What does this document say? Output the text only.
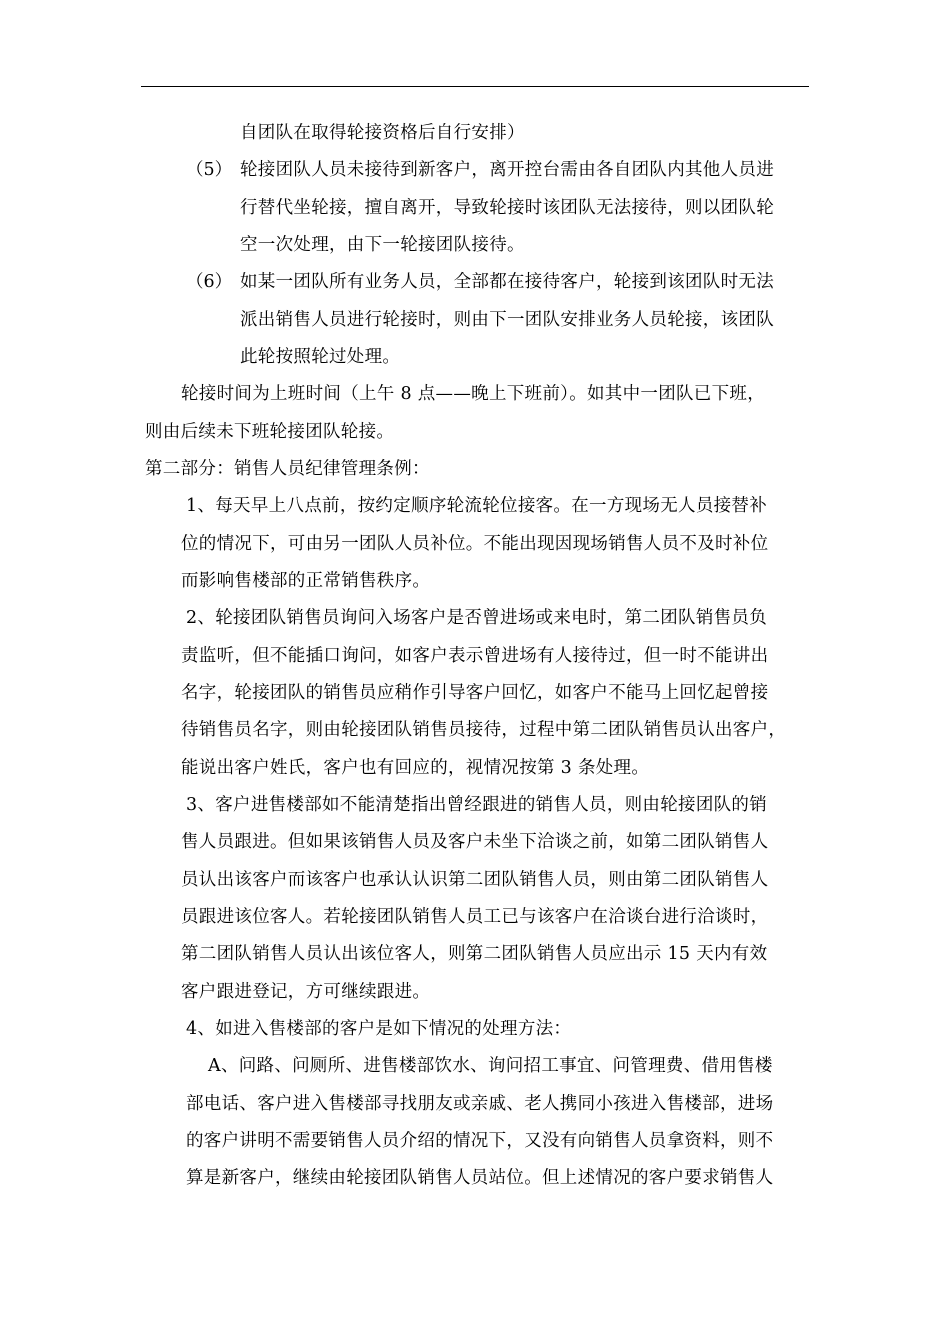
自团队在取得轮接资格后自行安排）
（5） 轮接团队人员未接待到新客户，离开控台需由各自团队内其他人员进
行替代坐轮接，擅自离开，导致轮接时该团队无法接待，则以团队轮
空一次处理，由下一轮接团队接待。
（6） 如某一团队所有业务人员，全部都在接待客户，轮接到该团队时无法
派出销售人员进行轮接时，则由下一团队安排业务人员轮接，该团队
此轮按照轮过处理。
轮接时间为上班时间（上午 8 点——晚上下班前）。如其中一团队已下班，
则由后续未下班轮接团队轮接。
第二部分：销售人员纪律管理条例：
1、每天早上八点前，按约定顺序轮流轮位接客。在一方现场无人员接替补
位的情况下，可由另一团队人员补位。不能出现因现场销售人员不及时补位
而影响售楼部的正常销售秩序。
2、轮接团队销售员询问入场客户是否曾进场或来电时，第二团队销售员负
责监听，但不能插口询问，如客户表示曾进场有人接待过，但一时不能讲出
名字，轮接团队的销售员应稍作引导客户回忆，如客户不能马上回忆起曾接
待销售员名字，则由轮接团队销售员接待，过程中第二团队销售员认出客户，
能说出客户姓氏，客户也有回应的，视情况按第 3 条处理。
3、客户进售楼部如不能清楚指出曾经跟进的销售人员，则由轮接团队的销
售人员跟进。但如果该销售人员及客户未坐下洽谈之前，如第二团队销售人
员认出该客户而该客户也承认认识第二团队销售人员，则由第二团队销售人
员跟进该位客人。若轮接团队销售人员工已与该客户在洽谈台进行洽谈时，
第二团队销售人员认出该位客人，则第二团队销售人员应出示 15 天内有效
客户跟进登记，方可继续跟进。
4、如进入售楼部的客户是如下情况的处理方法：
A、问路、问厕所、进售楼部饮水、询问招工事宜、问管理费、借用售楼
部电话、客户进入售楼部寻找朋友或亲戚、老人携同小孩进入售楼部，进场
的客户讲明不需要销售人员介绍的情况下，又没有向销售人员拿资料，则不
算是新客户，继续由轮接团队销售人员站位。但上述情况的客户要求销售人
